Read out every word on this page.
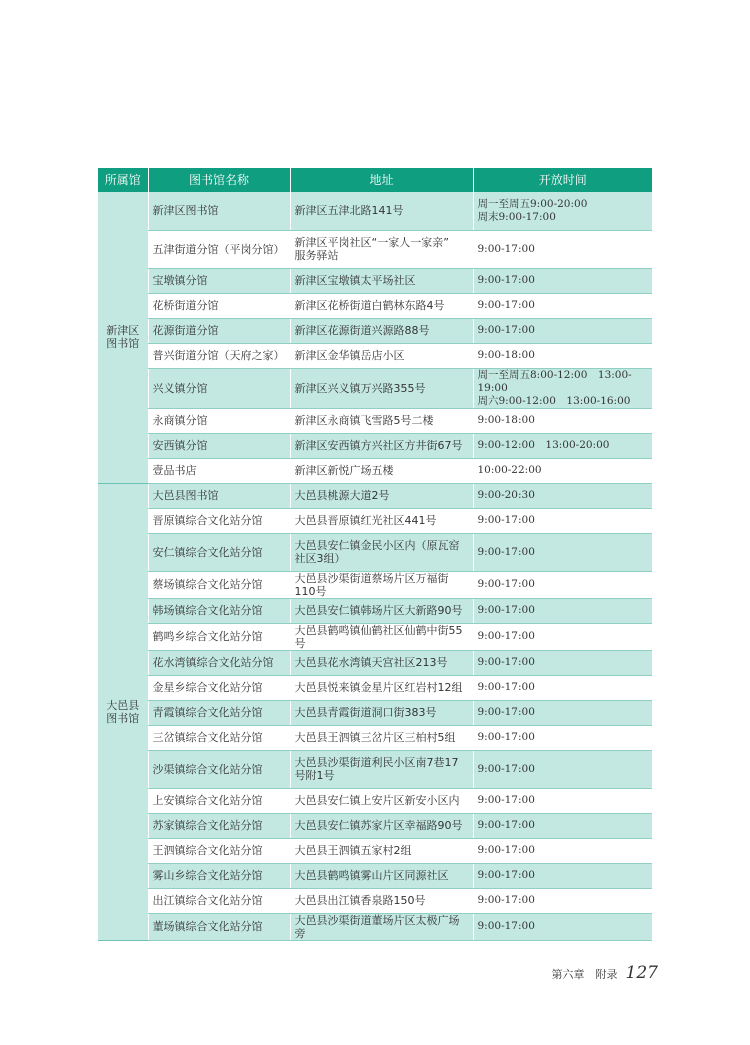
所属馆	图书馆名称	地址	开放时间

新津区
图书馆	新津区图书馆	新津区五津北路141号	周一至周五9:00-20:00
周末9:00-17:00

	五津街道分馆（平岗分馆）	新津区平岗社区“一家人一家亲”
服务驿站	9:00-17:00

	宝墩镇分馆	新津区宝墩镇太平场社区	9:00-17:00

	花桥街道分馆	新津区花桥街道白鹤林东路4号	9:00-17:00

	花源街道分馆	新津区花源街道兴源路88号	9:00-17:00

	普兴街道分馆（天府之家）	新津区金华镇岳店小区	9:00-18:00

	兴义镇分馆	新津区兴义镇万兴路355号	周一至周五8:00-12:00　13:00-19:00
周六9:00-12:00　13:00-16:00

	永商镇分馆	新津区永商镇飞雪路5号二楼	9:00-18:00

	安西镇分馆	新津区安西镇方兴社区方井街67号	9:00-12:00　13:00-20:00

	壹品书店	新津区新悦广场五楼	10:00-22:00

大邑县
图书馆	大邑县图书馆	大邑县桃源大道2号	9:00-20:30

	晋原镇综合文化站分馆	大邑县晋原镇红光社区441号	9:00-17:00

	安仁镇综合文化站分馆	大邑县安仁镇金民小区内（原瓦窑
社区3组）	9:00-17:00

	蔡场镇综合文化站分馆	大邑县沙渠街道蔡场片区万福街110号	9:00-17:00

	韩场镇综合文化站分馆	大邑县安仁镇韩场片区大新路90号	9:00-17:00

	鹤鸣乡综合文化站分馆	大邑县鹤鸣镇仙鹤社区仙鹤中街55号	9:00-17:00

	花水湾镇综合文化站分馆	大邑县花水湾镇天宫社区213号	9:00-17:00

	金星乡综合文化站分馆	大邑县悦来镇金星片区红岩村12组	9:00-17:00

	青霞镇综合文化站分馆	大邑县青霞街道洞口街383号	9:00-17:00

	三岔镇综合文化站分馆	大邑县王泗镇三岔片区三柏村5组	9:00-17:00

	沙渠镇综合文化站分馆	大邑县沙渠街道利民小区南7巷17
号附1号	9:00-17:00

	上安镇综合文化站分馆	大邑县安仁镇上安片区新安小区内	9:00-17:00

	苏家镇综合文化站分馆	大邑县安仁镇苏家片区幸福路90号	9:00-17:00

	王泗镇综合文化站分馆	大邑县王泗镇五家村2组	9:00-17:00

	雾山乡综合文化站分馆	大邑县鹤鸣镇雾山片区同源社区	9:00-17:00

	出江镇综合文化站分馆	大邑县出江镇香泉路150号	9:00-17:00

	董场镇综合文化站分馆	大邑县沙渠街道董场片区太极广场旁	9:00-17:00
第六章　附录 127
